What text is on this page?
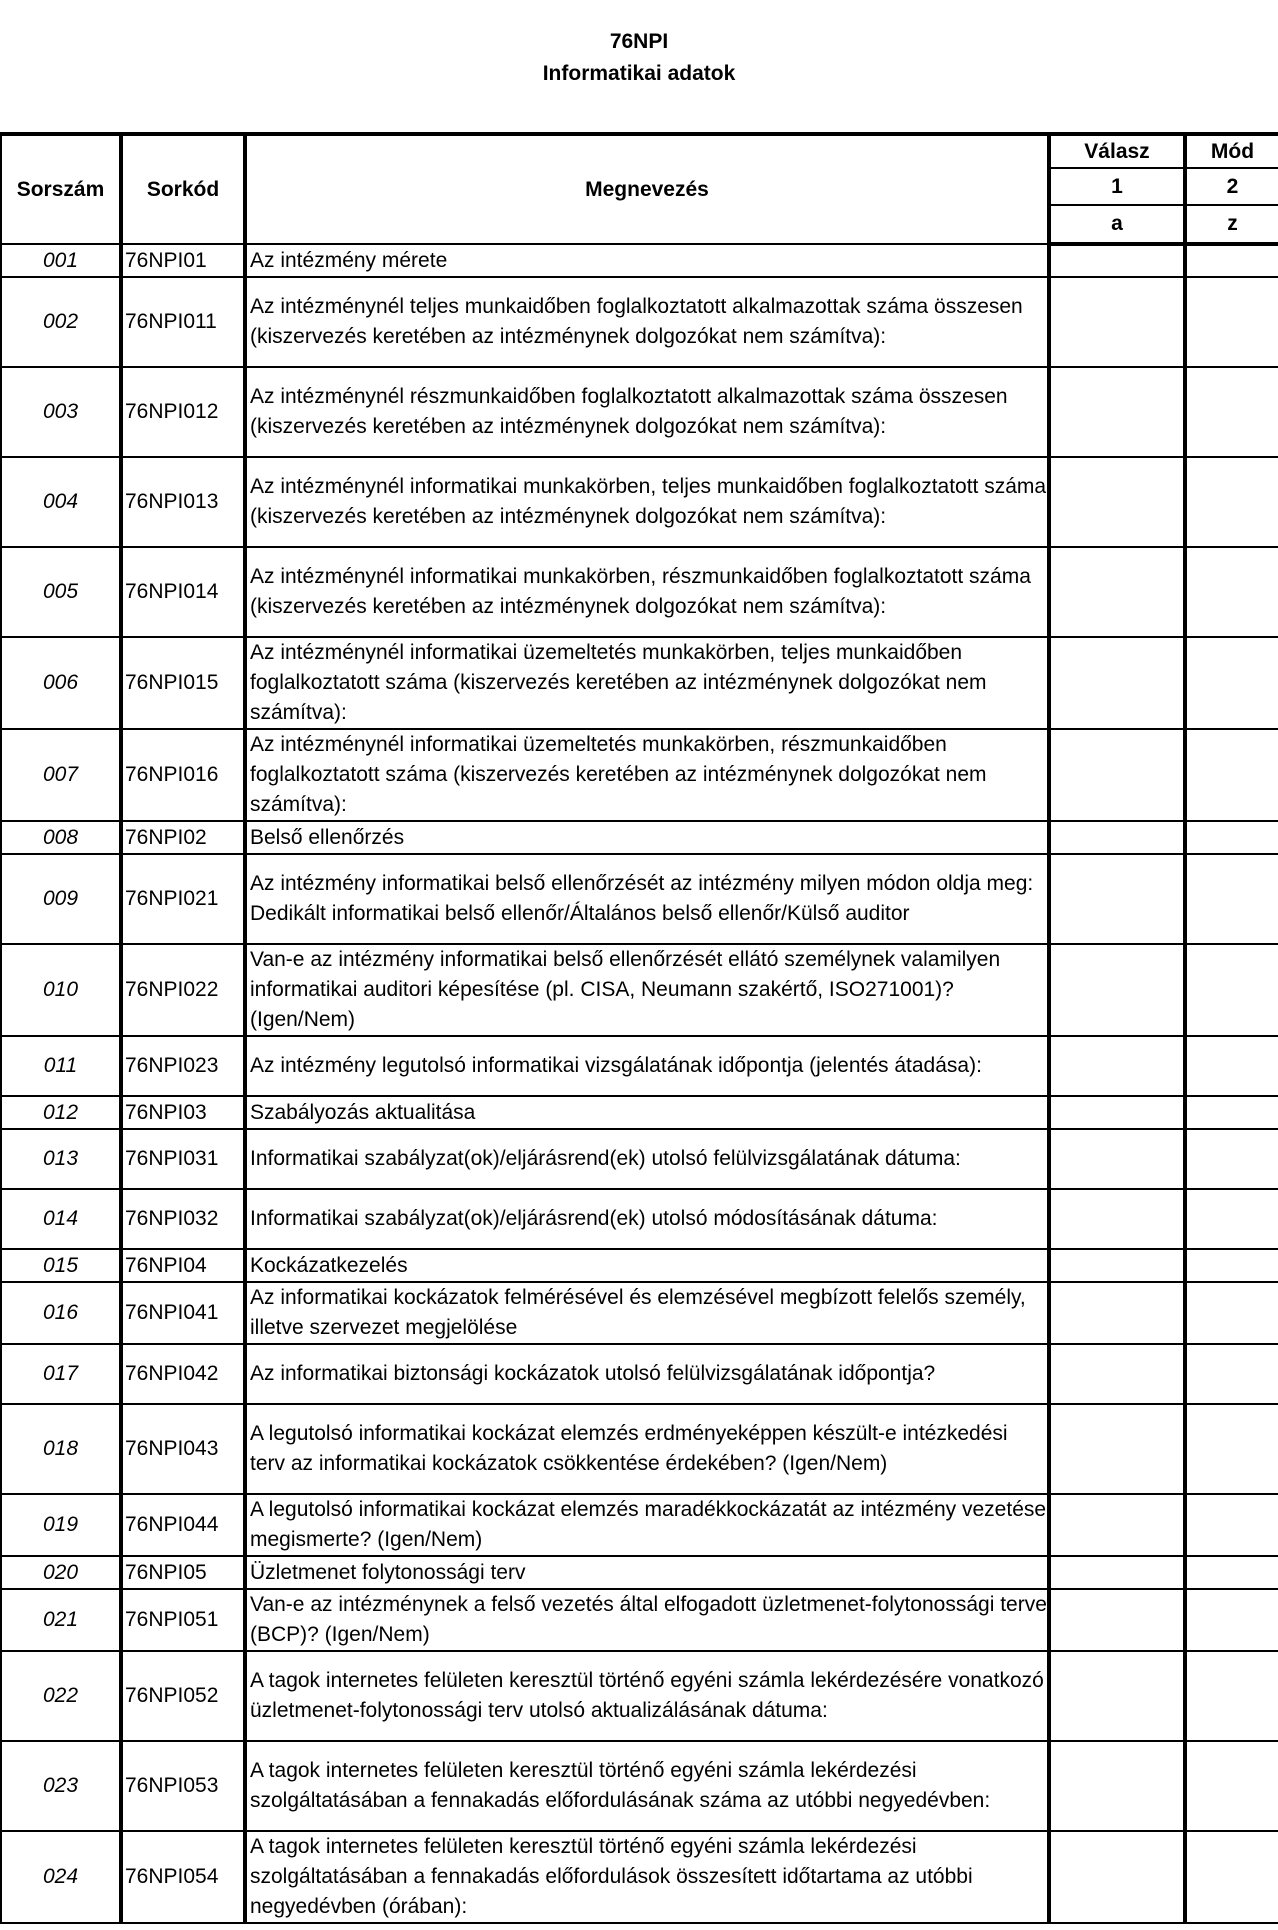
76NPI
Informatikai adatok
Sorszám	Sorkód	Megnevezés	Válasz	Mód
			1	2
			a	z
001	76NPI01	Az intézmény mérete		
002	76NPI011	Az intézménynél teljes munkaidőben foglalkoztatott alkalmazottak száma összesen (kiszervezés keretében az intézménynek dolgozókat nem számítva):		
003	76NPI012	Az intézménynél részmunkaidőben foglalkoztatott alkalmazottak száma összesen (kiszervezés keretében az intézménynek dolgozókat nem számítva):		
004	76NPI013	Az intézménynél informatikai munkakörben, teljes munkaidőben foglalkoztatott száma (kiszervezés keretében az intézménynek dolgozókat nem számítva):		
005	76NPI014	Az intézménynél informatikai munkakörben, részmunkaidőben foglalkoztatott száma (kiszervezés keretében az intézménynek dolgozókat nem számítva):		
006	76NPI015	Az intézménynél informatikai üzemeltetés munkakörben, teljes munkaidőben foglalkoztatott száma (kiszervezés keretében az intézménynek dolgozókat nem számítva):		
007	76NPI016	Az intézménynél informatikai üzemeltetés munkakörben, részmunkaidőben foglalkoztatott száma (kiszervezés keretében az intézménynek dolgozókat nem számítva):		
008	76NPI02	Belső ellenőrzés		
009	76NPI021	Az intézmény informatikai belső ellenőrzését az intézmény milyen módon oldja meg: Dedikált informatikai belső ellenőr/Általános belső ellenőr/Külső auditor		
010	76NPI022	Van-e az intézmény informatikai belső ellenőrzését ellátó személynek valamilyen informatikai auditori képesítése (pl. CISA, Neumann szakértő, ISO271001)? (Igen/Nem)		
011	76NPI023	Az intézmény legutolsó informatikai vizsgálatának időpontja (jelentés átadása):		
012	76NPI03	Szabályozás aktualitása		
013	76NPI031	Informatikai szabályzat(ok)/eljárásrend(ek) utolsó felülvizsgálatának dátuma:		
014	76NPI032	Informatikai szabályzat(ok)/eljárásrend(ek) utolsó módosításának dátuma:		
015	76NPI04	Kockázatkezelés		
016	76NPI041	Az informatikai kockázatok felmérésével és elemzésével megbízott felelős személy, illetve szervezet megjelölése		
017	76NPI042	Az informatikai biztonsági kockázatok utolsó felülvizsgálatának időpontja?		
018	76NPI043	A legutolsó informatikai kockázat elemzés erdményeképpen készült-e intézkedési terv az informatikai kockázatok csökkentése érdekében? (Igen/Nem)		
019	76NPI044	A legutolsó informatikai kockázat elemzés maradékkockázatát az intézmény vezetése megismerte? (Igen/Nem)		
020	76NPI05	Üzletmenet folytonossági terv		
021	76NPI051	Van-e az intézménynek a felső vezetés által elfogadott üzletmenet-folytonossági terve (BCP)? (Igen/Nem)		
022	76NPI052	A tagok internetes felületen keresztül történő egyéni számla lekérdezésére vonatkozó üzletmenet-folytonossági terv utolsó aktualizálásának dátuma:		
023	76NPI053	A tagok internetes felületen keresztül történő egyéni számla lekérdezési szolgáltatásában a fennakadás előfordulásának száma az utóbbi negyedévben:		
024	76NPI054	A tagok internetes felületen keresztül történő egyéni számla lekérdezési szolgáltatásában a fennakadás előfordulások összesített időtartama az utóbbi negyedévben (órában):		
